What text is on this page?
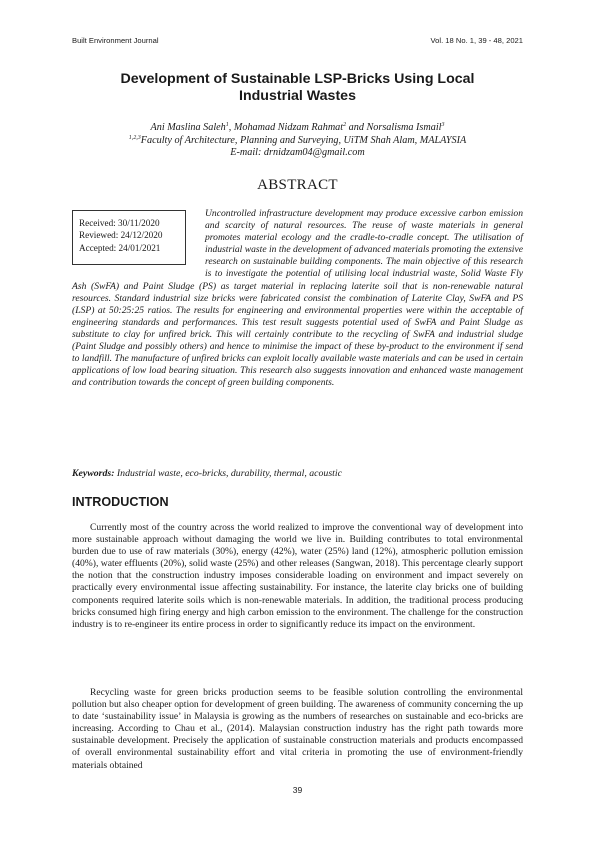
Built Environment Journal	Vol. 18 No. 1, 39 - 48, 2021
Development of Sustainable LSP-Bricks Using Local
Industrial Wastes
Ani Maslina Saleh$^1$, Mohamad Nidzam Rahmat$^2$ and Norsalisma Ismail$^3$
$^{1,2,3}$Faculty of Architecture, Planning and Surveying, UiTM Shah Alam, MALAYSIA
E-mail: drnidzam04@gmail.com
ABSTRACT
Uncontrolled infrastructure development may produce excessive carbon emission and scarcity of natural resources. The reuse of waste materials in general promotes material ecology and the cradle-to-cradle concept. The utilisation of industrial waste in the development of advanced materials promoting the extensive research on sustainable building components. The main objective of this research is to investigate the potential of utilising local industrial waste, Solid Waste Fly Ash (SwFA) and Paint Sludge (PS) as target material in replacing laterite soil that is non-renewable natural resources. Standard industrial size bricks were fabricated consist the combination of Laterite Clay, SwFA and PS (LSP) at 50:25:25 ratios. The results for engineering and environmental properties were within the acceptable of engineering standards and performances. This test result suggests potential used of SwFA and Paint Sludge as substitute to clay for unfired brick. This will certainly contribute to the recycling of SwFA and industrial sludge (Paint Sludge and possibly others) and hence to minimise the impact of these by-product to the environment if send to landfill. The manufacture of unfired bricks can exploit locally available waste materials and can be used in certain applications of low load bearing situation. This research also suggests innovation and enhanced waste management and contribution towards the concept of green building components.
Received: 30/11/2020
Reviewed: 24/12/2020
Accepted: 24/01/2021
Keywords: Industrial waste, eco-bricks, durability, thermal, acoustic
INTRODUCTION
Currently most of the country across the world realized to improve the conventional way of development into more sustainable approach without damaging the world we live in. Building contributes to total environmental burden due to use of raw materials (30%), energy (42%), water (25%) land (12%), atmospheric pollution emission (40%), water effluents (20%), solid waste (25%) and other releases (Sangwan, 2018). This percentage clearly support the notion that the construction industry imposes considerable loading on environment and impact severely on practically every environmental issue affecting sustainability. For instance, the laterite clay bricks one of building components required laterite soils which is non-renewable materials. In addition, the traditional process producing bricks consumed high firing energy and high carbon emission to the environment. The challenge for the construction industry is to re-engineer its entire process in order to significantly reduce its impact on the environment.
Recycling waste for green bricks production seems to be feasible solution controlling the environmental pollution but also cheaper option for development of green building. The awareness of community concerning the up to date ‘sustainability issue’ in Malaysia is growing as the numbers of researches on sustainable and eco-bricks are increasing. According to Chau et al., (2014). Malaysian construction industry has the right path towards more sustainable development. Precisely the application of sustainable construction materials and products encompassed of overall environmental sustainability effort and vital criteria in promoting the use of environment-friendly materials obtained
39
